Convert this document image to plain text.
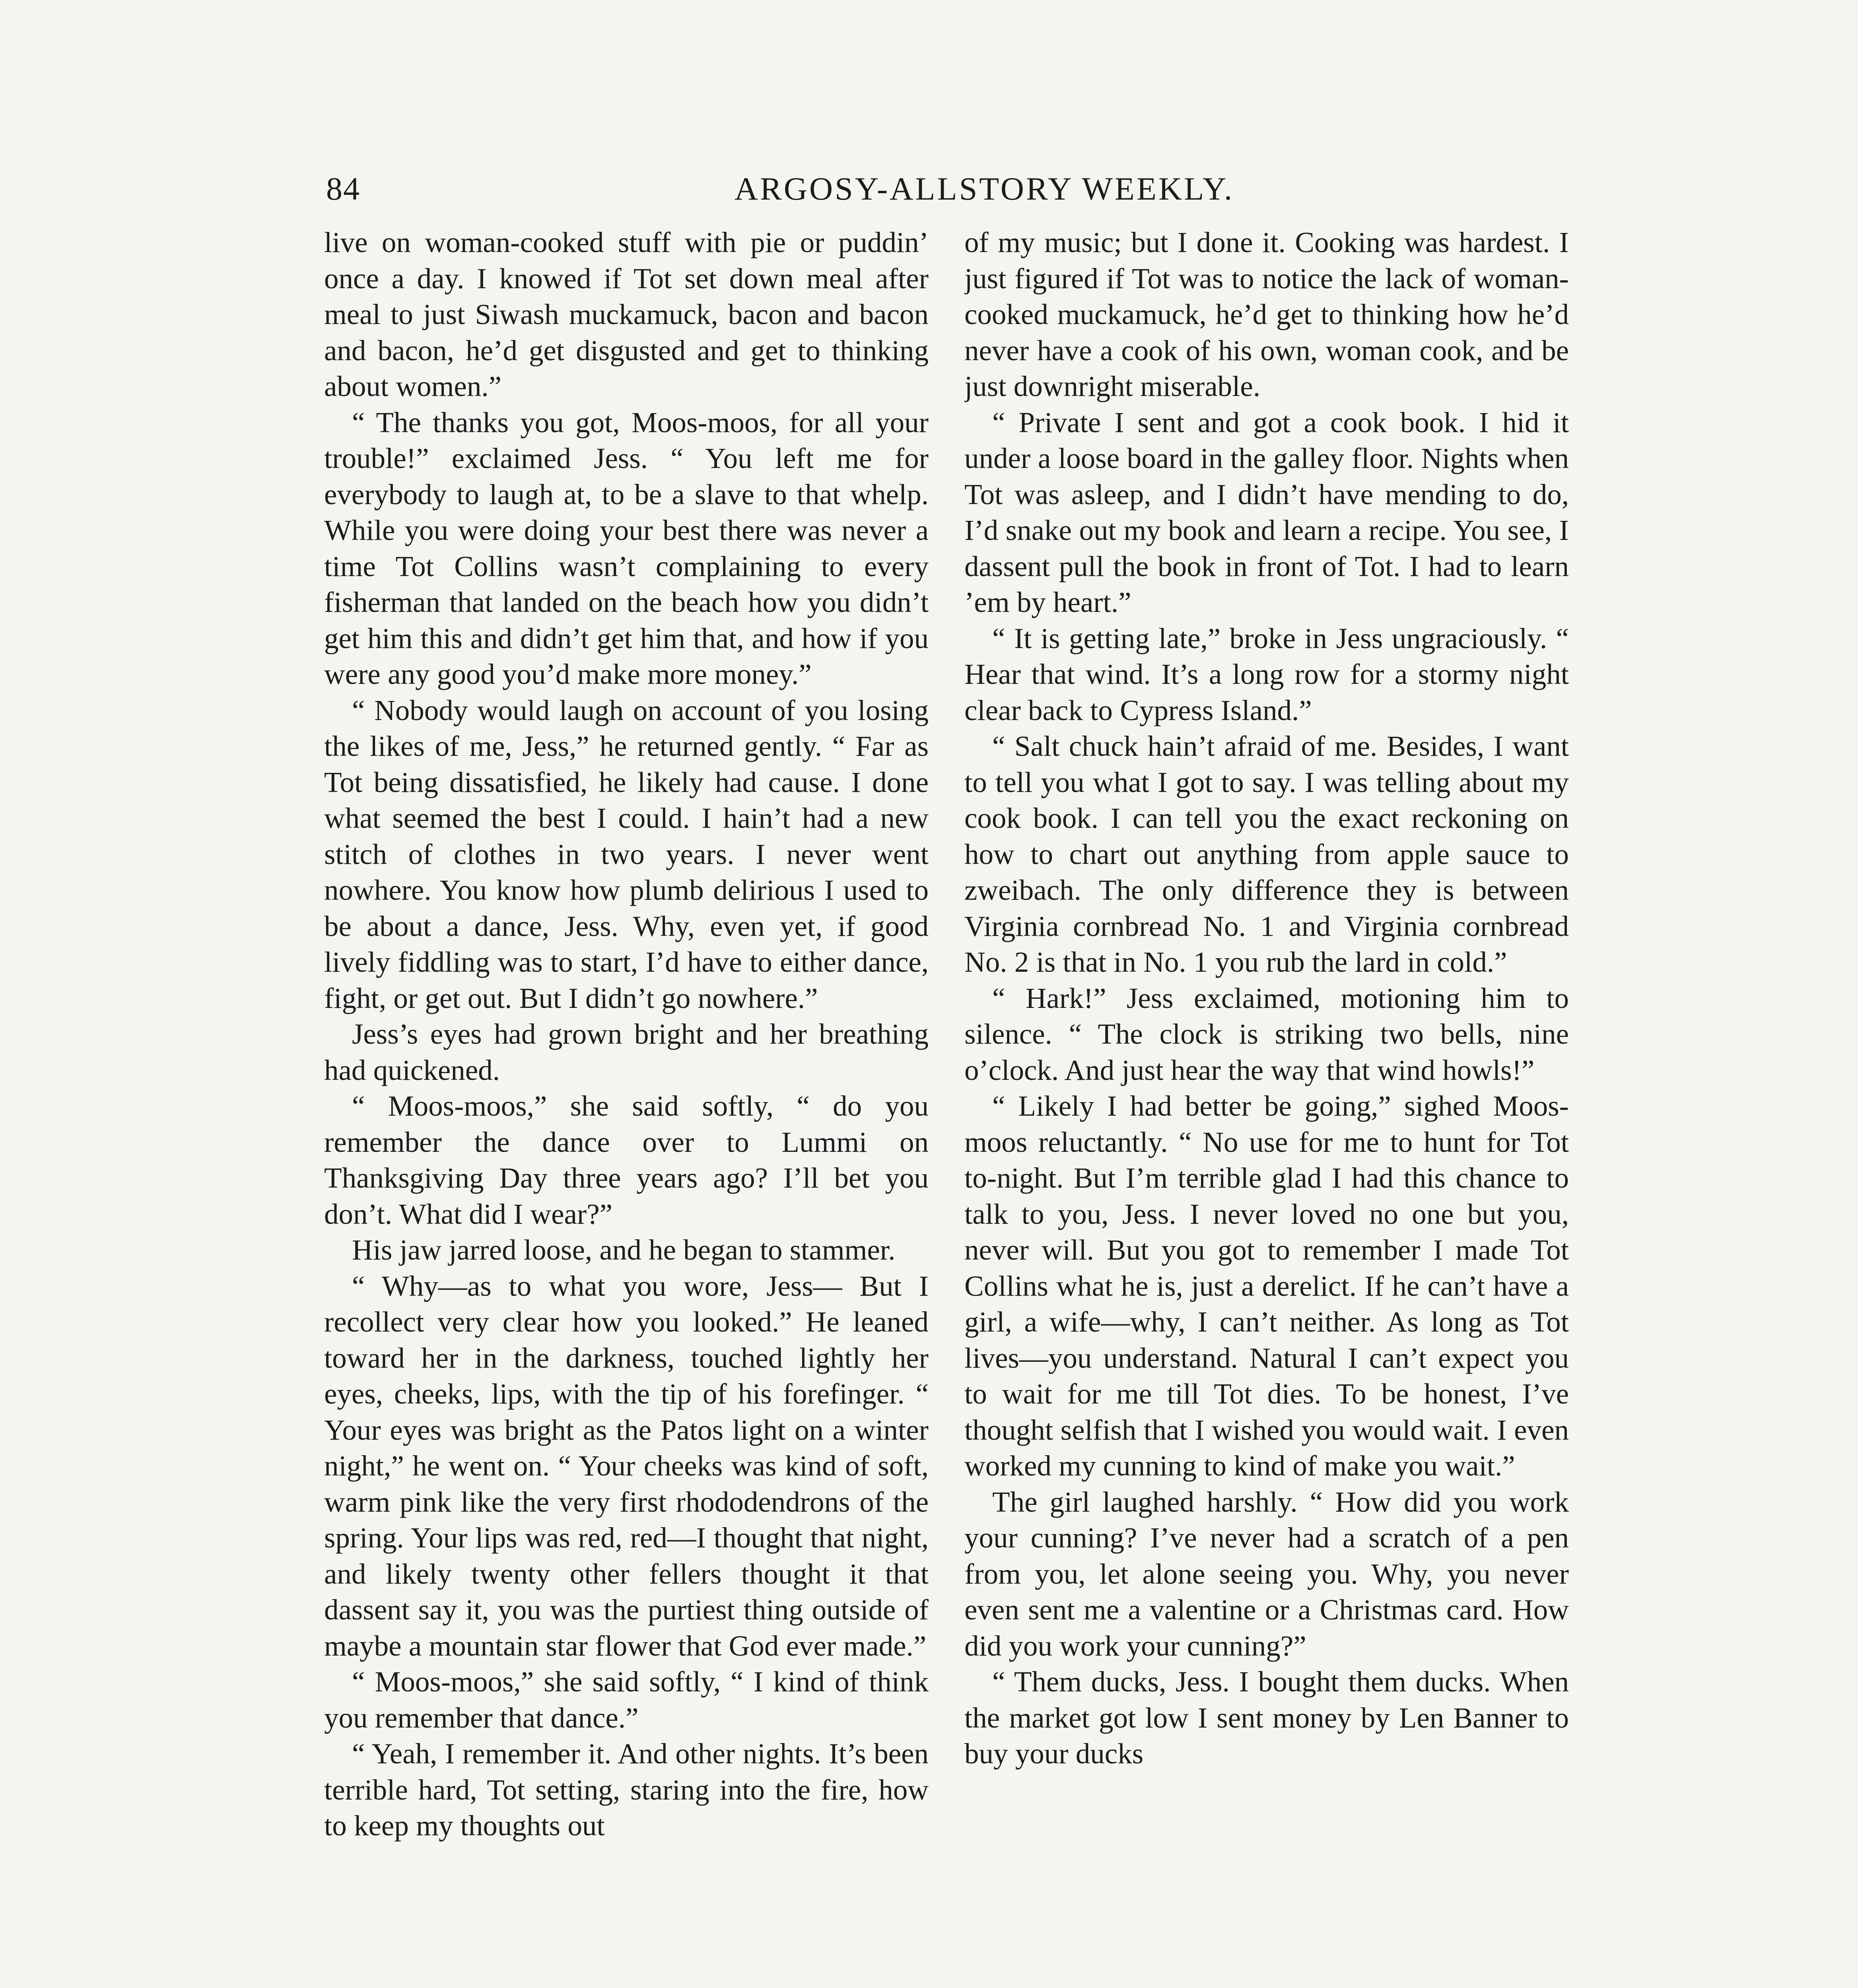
84	ARGOSY-ALLSTORY WEEKLY.

live on woman-cooked stuff with pie or puddin’ once a day. I knowed if Tot set down meal after meal to just Siwash muckamuck, bacon and bacon and bacon, he’d get disgusted and get to thinking about women.”

“ The thanks you got, Moos-moos, for all your trouble!” exclaimed Jess. “ You left me for everybody to laugh at, to be a slave to that whelp. While you were doing your best there was never a time Tot Collins wasn’t complaining to every fisherman that landed on the beach how you didn’t get him this and didn’t get him that, and how if you were any good you’d make more money.”

“ Nobody would laugh on account of you losing the likes of me, Jess,” he returned gently. “ Far as Tot being dissatisfied, he likely had cause. I done what seemed the best I could. I hain’t had a new stitch of clothes in two years. I never went nowhere. You know how plumb delirious I used to be about a dance, Jess. Why, even yet, if good lively fiddling was to start, I’d have to either dance, fight, or get out. But I didn’t go nowhere.”

Jess’s eyes had grown bright and her breathing had quickened.

“ Moos-moos,” she said softly, “ do you remember the dance over to Lummi on Thanksgiving Day three years ago? I’ll bet you don’t. What did I wear?”

His jaw jarred loose, and he began to stammer.

“ Why—as to what you wore, Jess— But I recollect very clear how you looked.” He leaned toward her in the darkness, touched lightly her eyes, cheeks, lips, with the tip of his forefinger. “ Your eyes was bright as the Patos light on a winter night,” he went on. “ Your cheeks was kind of soft, warm pink like the very first rhododendrons of the spring. Your lips was red, red—I thought that night, and likely twenty other fellers thought it that dassent say it, you was the purtiest thing outside of maybe a mountain star flower that God ever made.”

“ Moos-moos,” she said softly, “ I kind of think you remember that dance.”

“ Yeah, I remember it. And other nights. It’s been terrible hard, Tot setting, staring into the fire, how to keep my thoughts out

of my music; but I done it. Cooking was hardest. I just figured if Tot was to notice the lack of woman-cooked muckamuck, he’d get to thinking how he’d never have a cook of his own, woman cook, and be just downright miserable.

“ Private I sent and got a cook book. I hid it under a loose board in the galley floor. Nights when Tot was asleep, and I didn’t have mending to do, I’d snake out my book and learn a recipe. You see, I dassent pull the book in front of Tot. I had to learn ’em by heart.”

“ It is getting late,” broke in Jess ungraciously. “ Hear that wind. It’s a long row for a stormy night clear back to Cypress Island.”

“ Salt chuck hain’t afraid of me. Besides, I want to tell you what I got to say. I was telling about my cook book. I can tell you the exact reckoning on how to chart out anything from apple sauce to zweibach. The only difference they is between Virginia cornbread No. 1 and Virginia cornbread No. 2 is that in No. 1 you rub the lard in cold.”

“ Hark!” Jess exclaimed, motioning him to silence. “ The clock is striking two bells, nine o’clock. And just hear the way that wind howls!”

“ Likely I had better be going,” sighed Moos-moos reluctantly. “ No use for me to hunt for Tot to-night. But I’m terrible glad I had this chance to talk to you, Jess. I never loved no one but you, never will. But you got to remember I made Tot Collins what he is, just a derelict. If he can’t have a girl, a wife—why, I can’t neither. As long as Tot lives—you understand. Natural I can’t expect you to wait for me till Tot dies. To be honest, I’ve thought selfish that I wished you would wait. I even worked my cunning to kind of make you wait.”

The girl laughed harshly. “ How did you work your cunning? I’ve never had a scratch of a pen from you, let alone seeing you. Why, you never even sent me a valentine or a Christmas card. How did you work your cunning?”

“ Them ducks, Jess. I bought them ducks. When the market got low I sent money by Len Banner to buy your ducks
